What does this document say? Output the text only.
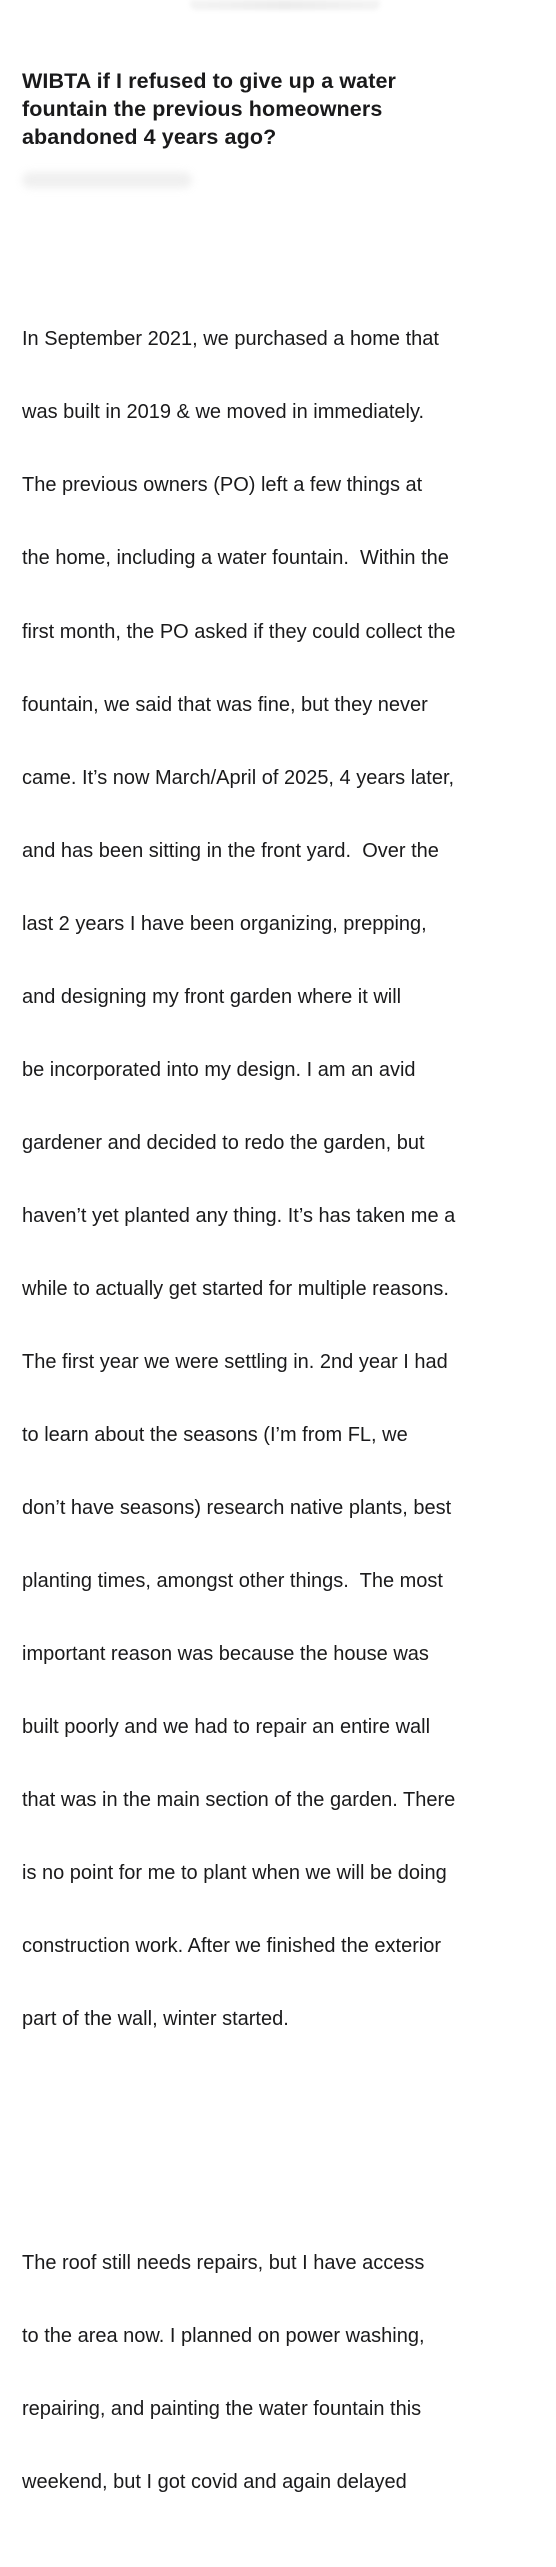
WIBTA if I refused to give up a water
fountain the previous homeowners
abandoned 4 years ago?

In September 2021, we purchased a home that

was built in 2019 & we moved in immediately.

The previous owners (PO) left a few things at

the home, including a water fountain.  Within the

first month, the PO asked if they could collect the

fountain, we said that was fine, but they never

came. It’s now March/April of 2025, 4 years later,

and has been sitting in the front yard.  Over the

last 2 years I have been organizing, prepping,

and designing my front garden where it will

be incorporated into my design. I am an avid

gardener and decided to redo the garden, but

haven’t yet planted any thing. It’s has taken me a

while to actually get started for multiple reasons.

The first year we were settling in. 2nd year I had

to learn about the seasons (I’m from FL, we

don’t have seasons) research native plants, best

planting times, amongst other things.  The most

important reason was because the house was

built poorly and we had to repair an entire wall

that was in the main section of the garden. There

is no point for me to plant when we will be doing

construction work. After we finished the exterior

part of the wall, winter started.

The roof still needs repairs, but I have access

to the area now. I planned on power washing,

repairing, and painting the water fountain this

weekend, but I got covid and again delayed
